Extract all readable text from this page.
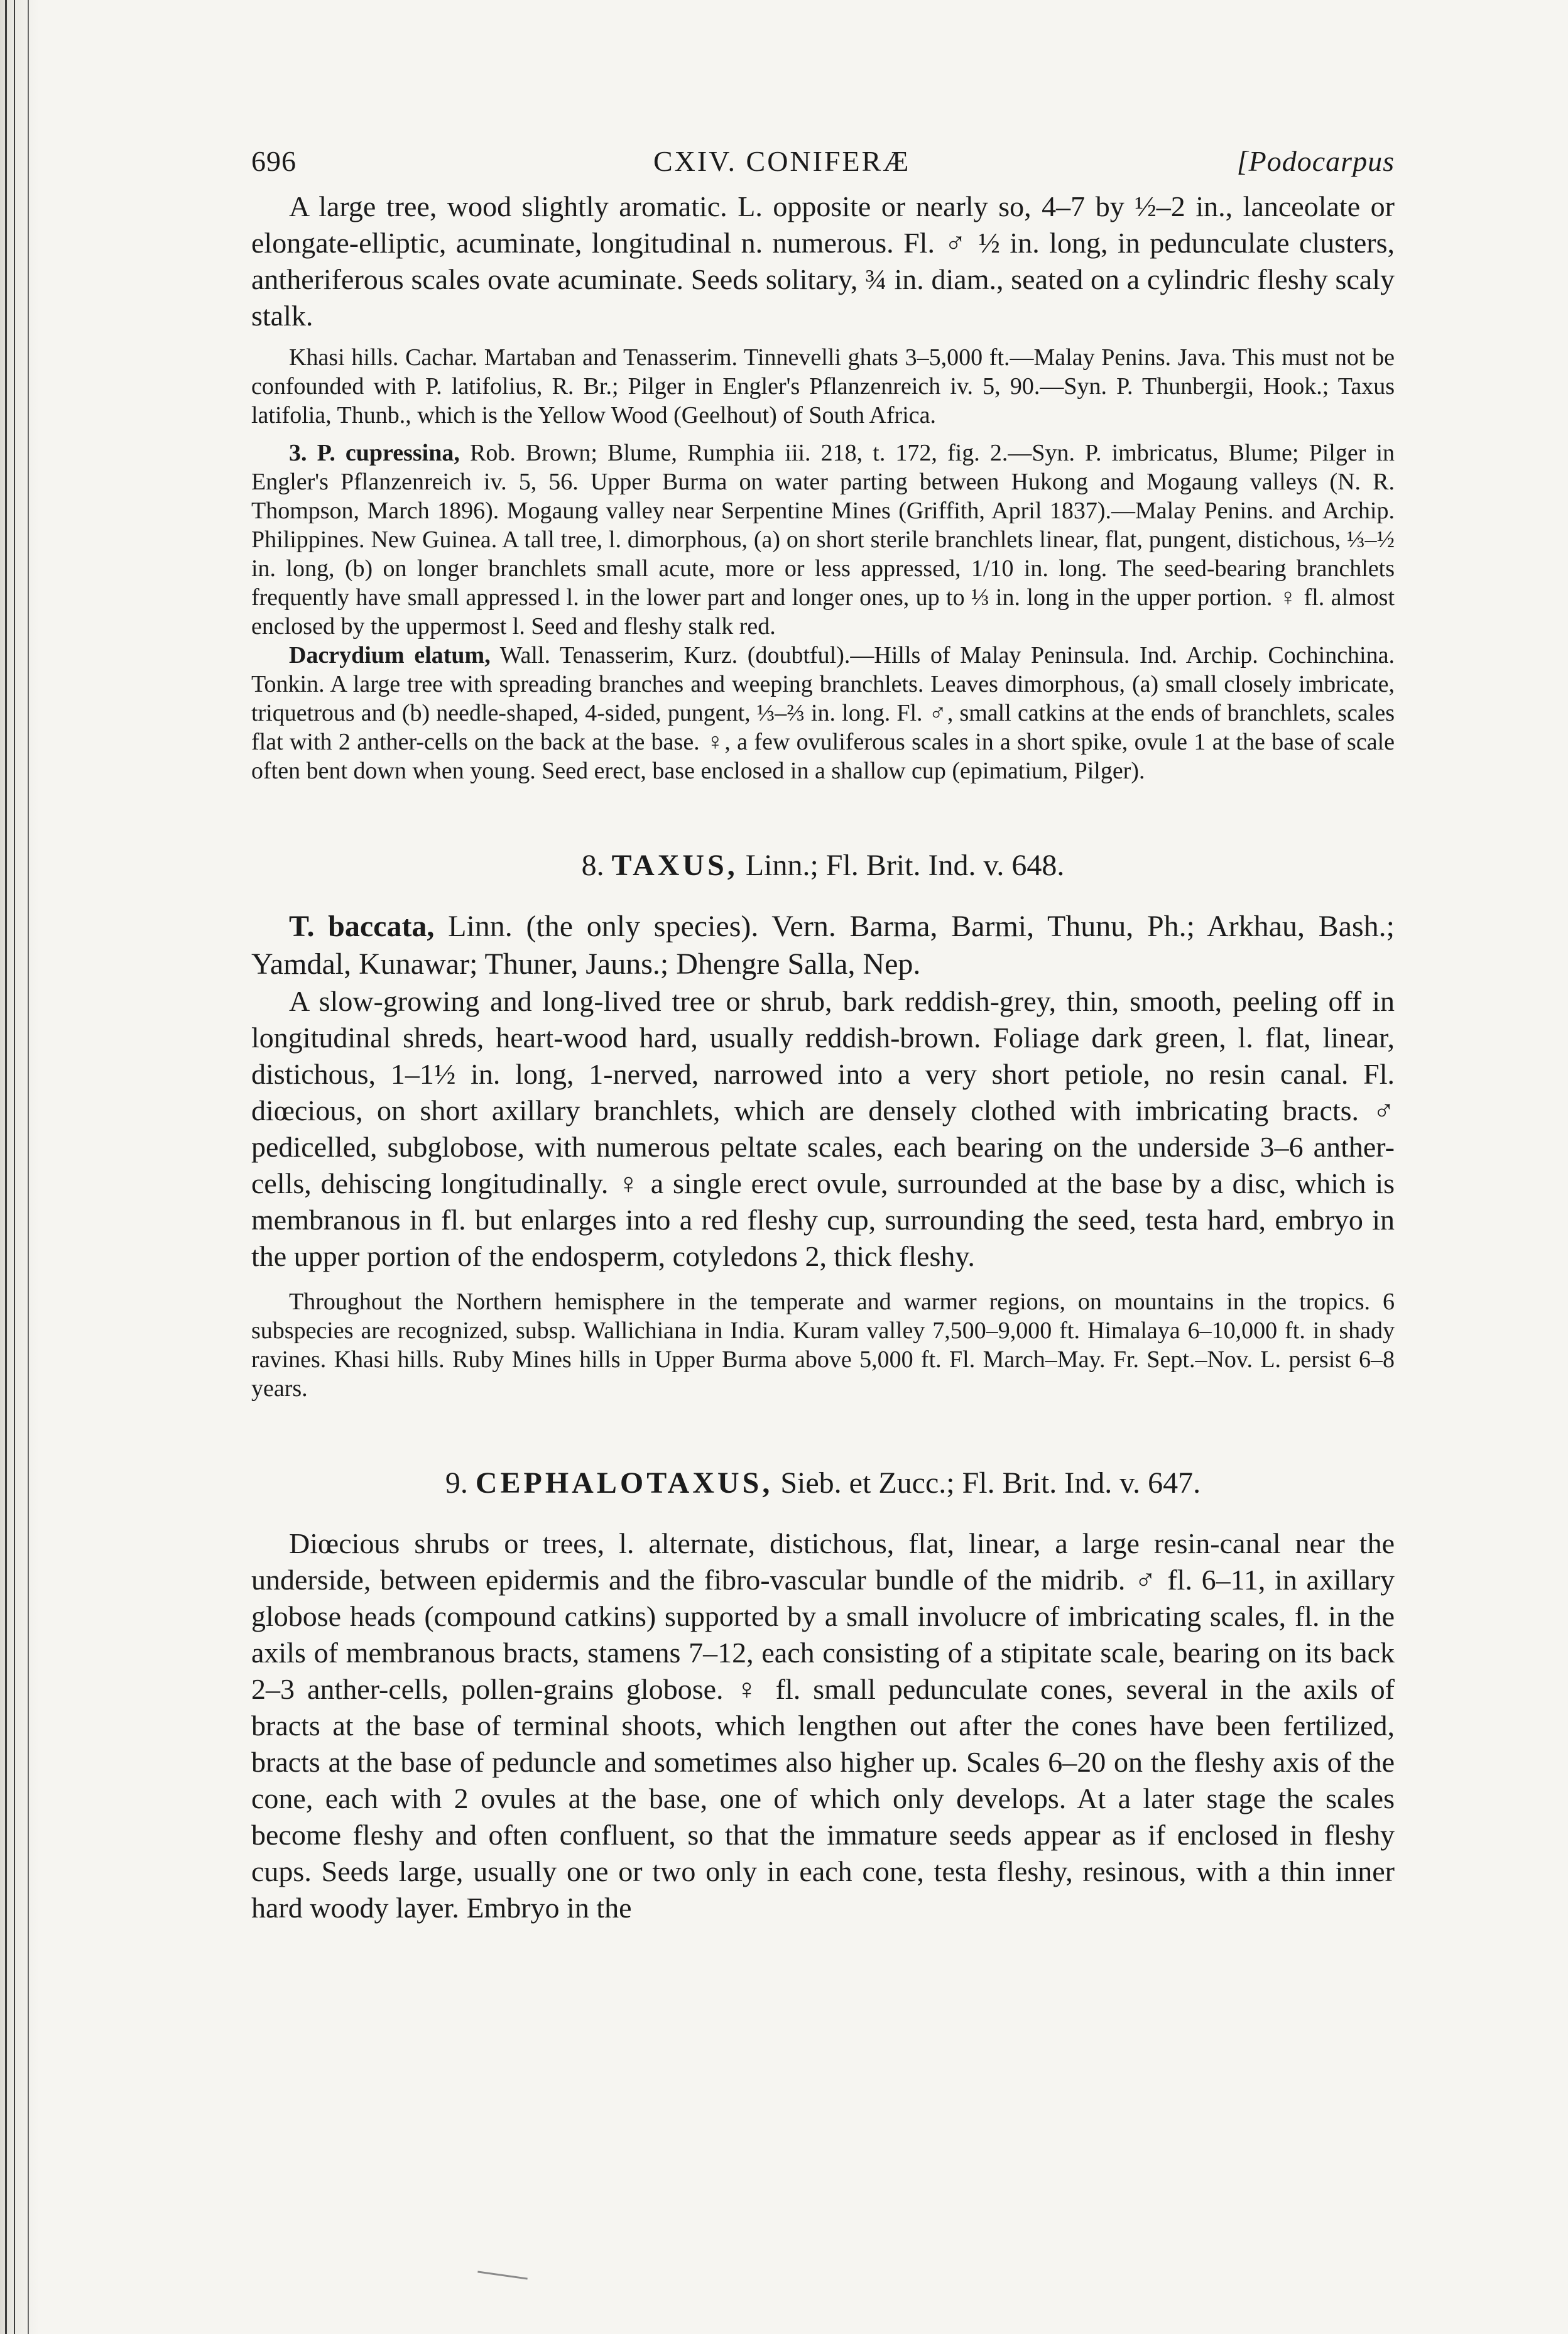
696	CXIV. CONIFERÆ	[Podocarpus

A large tree, wood slightly aromatic. L. opposite or nearly so, 4–7 by ½–2 in., lanceolate or elongate-elliptic, acuminate, longitudinal n. numerous. Fl. ♂ ½ in. long, in pedunculate clusters, antheriferous scales ovate acuminate. Seeds solitary, ¾ in. diam., seated on a cylindric fleshy scaly stalk.

Khasi hills. Cachar. Martaban and Tenasserim. Tinnevelli ghats 3–5,000 ft.—Malay Penins. Java. This must not be confounded with P. latifolius, R. Br.; Pilger in Engler's Pflanzenreich iv. 5, 90.—Syn. P. Thunbergii, Hook.; Taxus latifolia, Thunb., which is the Yellow Wood (Geelhout) of South Africa.

3. P. cupressina, Rob. Brown; Blume, Rumphia iii. 218, t. 172, fig. 2.—Syn. P. imbricatus, Blume; Pilger in Engler's Pflanzenreich iv. 5, 56. Upper Burma on water parting between Hukong and Mogaung valleys (N. R. Thompson, March 1896). Mogaung valley near Serpentine Mines (Griffith, April 1837).—Malay Penins. and Archip. Philippines. New Guinea. A tall tree, l. dimorphous, (a) on short sterile branchlets linear, flat, pungent, distichous, ⅓–½ in. long, (b) on longer branchlets small acute, more or less appressed, 1/10 in. long. The seed-bearing branchlets frequently have small appressed l. in the lower part and longer ones, up to ⅓ in. long in the upper portion. ♀ fl. almost enclosed by the uppermost l. Seed and fleshy stalk red.

Dacrydium elatum, Wall. Tenasserim, Kurz. (doubtful).—Hills of Malay Peninsula. Ind. Archip. Cochinchina. Tonkin. A large tree with spreading branches and weeping branchlets. Leaves dimorphous, (a) small closely imbricate, triquetrous and (b) needle-shaped, 4-sided, pungent, ⅓–⅔ in. long. Fl. ♂, small catkins at the ends of branchlets, scales flat with 2 anther-cells on the back at the base. ♀, a few ovuliferous scales in a short spike, ovule 1 at the base of scale often bent down when young. Seed erect, base enclosed in a shallow cup (epimatium, Pilger).

8. TAXUS, Linn.; Fl. Brit. Ind. v. 648.

T. baccata, Linn. (the only species). Vern. Barma, Barmi, Thunu, Ph.; Arkhau, Bash.; Yamdal, Kunawar; Thuner, Jauns.; Dhengre Salla, Nep.

A slow-growing and long-lived tree or shrub, bark reddish-grey, thin, smooth, peeling off in longitudinal shreds, heart-wood hard, usually reddish-brown. Foliage dark green, l. flat, linear, distichous, 1–1½ in. long, 1-nerved, narrowed into a very short petiole, no resin canal. Fl. diœcious, on short axillary branchlets, which are densely clothed with imbricating bracts. ♂ pedicelled, subglobose, with numerous peltate scales, each bearing on the underside 3–6 anther-cells, dehiscing longitudinally. ♀ a single erect ovule, surrounded at the base by a disc, which is membranous in fl. but enlarges into a red fleshy cup, surrounding the seed, testa hard, embryo in the upper portion of the endosperm, cotyledons 2, thick fleshy.

Throughout the Northern hemisphere in the temperate and warmer regions, on mountains in the tropics. 6 subspecies are recognized, subsp. Wallichiana in India. Kuram valley 7,500–9,000 ft. Himalaya 6–10,000 ft. in shady ravines. Khasi hills. Ruby Mines hills in Upper Burma above 5,000 ft. Fl. March–May. Fr. Sept.–Nov. L. persist 6–8 years.

9. CEPHALOTAXUS, Sieb. et Zucc.; Fl. Brit. Ind. v. 647.

Diœcious shrubs or trees, l. alternate, distichous, flat, linear, a large resin-canal near the underside, between epidermis and the fibro-vascular bundle of the midrib. ♂ fl. 6–11, in axillary globose heads (compound catkins) supported by a small involucre of imbricating scales, fl. in the axils of membranous bracts, stamens 7–12, each consisting of a stipitate scale, bearing on its back 2–3 anther-cells, pollen-grains globose. ♀ fl. small pedunculate cones, several in the axils of bracts at the base of terminal shoots, which lengthen out after the cones have been fertilized, bracts at the base of peduncle and sometimes also higher up. Scales 6–20 on the fleshy axis of the cone, each with 2 ovules at the base, one of which only develops. At a later stage the scales become fleshy and often confluent, so that the immature seeds appear as if enclosed in fleshy cups. Seeds large, usually one or two only in each cone, testa fleshy, resinous, with a thin inner hard woody layer. Embryo in the
